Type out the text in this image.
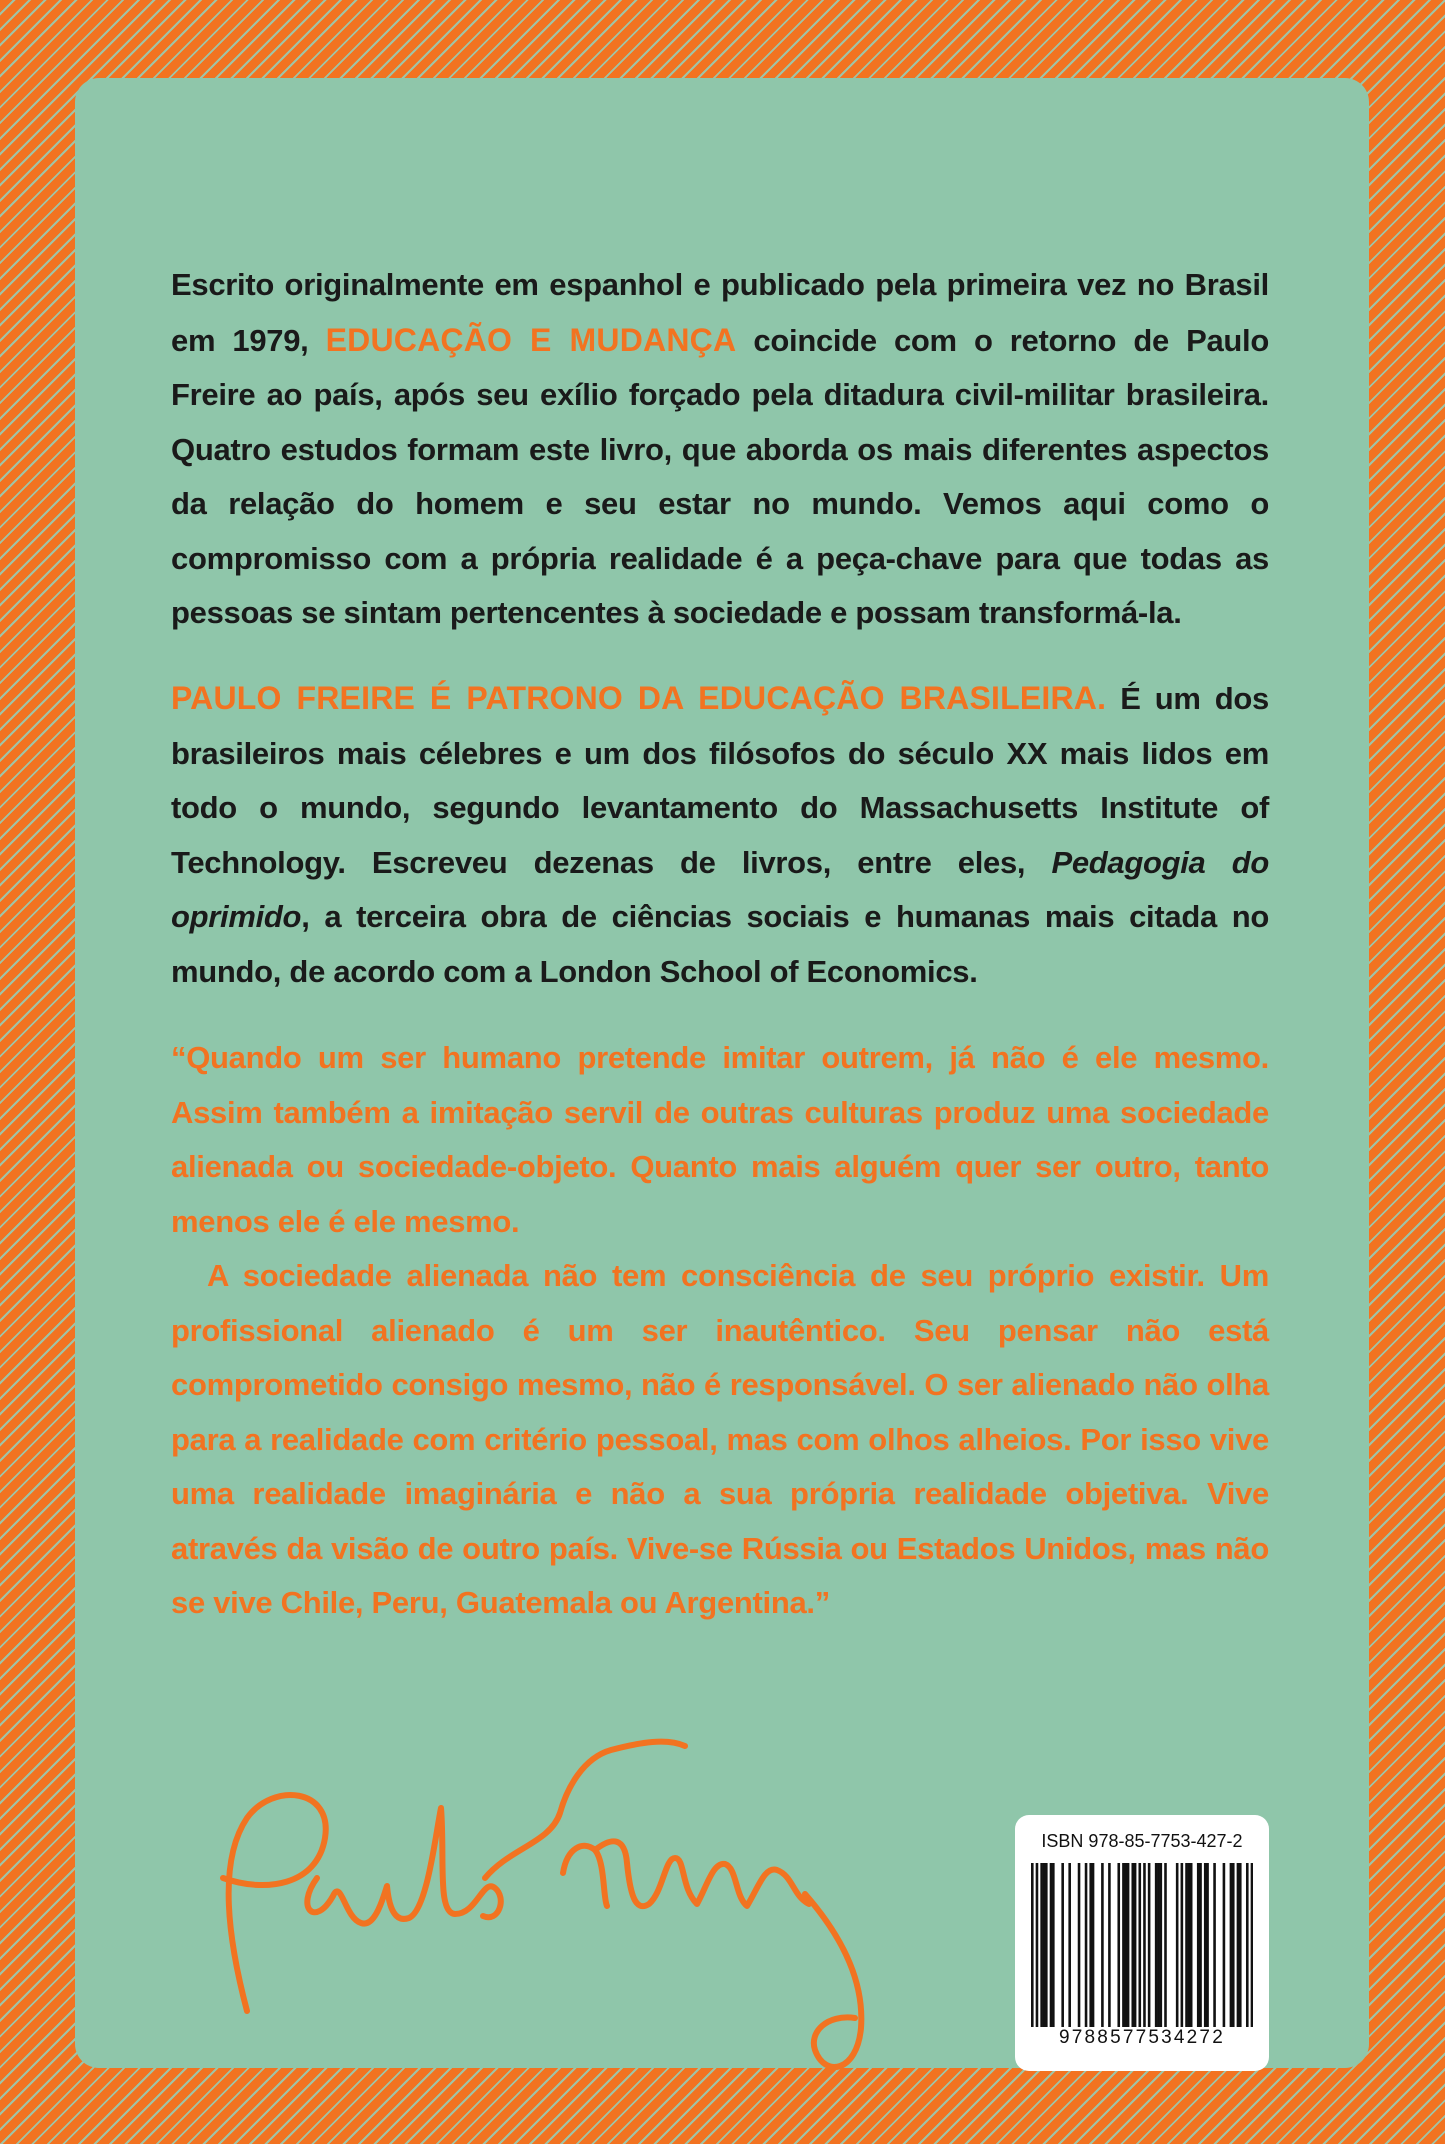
Escrito originalmente em espanhol e publicado pela primeira vez no Brasil em 1979, EDUCAÇÃO E MUDANÇA coincide com o retorno de Paulo Freire ao país, após seu exílio forçado pela ditadura civil-militar brasileira. Quatro estudos formam este livro, que aborda os mais diferentes aspectos da relação do homem e seu estar no mundo. Vemos aqui como o compromisso com a própria realidade é a peça-chave para que todas as pessoas se sintam pertencentes à sociedade e possam transformá-la.
PAULO FREIRE É PATRONO DA EDUCAÇÃO BRASILEIRA. É um dos brasileiros mais célebres e um dos filósofos do século XX mais lidos em todo o mundo, segundo levantamento do Massachusetts Institute of Technology. Escreveu dezenas de livros, entre eles, Pedagogia do oprimido, a terceira obra de ciências sociais e humanas mais citada no mundo, de acordo com a London School of Economics.
“Quando um ser humano pretende imitar outrem, já não é ele mesmo. Assim também a imitação servil de outras culturas produz uma sociedade alienada ou sociedade-objeto. Quanto mais alguém quer ser outro, tanto menos ele é ele mesmo.
A sociedade alienada não tem consciência de seu próprio existir. Um profissional alienado é um ser inautêntico. Seu pensar não está comprometido consigo mesmo, não é responsável. O ser alienado não olha para a realidade com critério pessoal, mas com olhos alheios. Por isso vive uma realidade imaginária e não a sua própria realidade objetiva. Vive através da visão de outro país. Vive-se Rússia ou Estados Unidos, mas não se vive Chile, Peru, Guatemala ou Argentina.”
ISBN 978-85-7753-427-2
9788577534272
